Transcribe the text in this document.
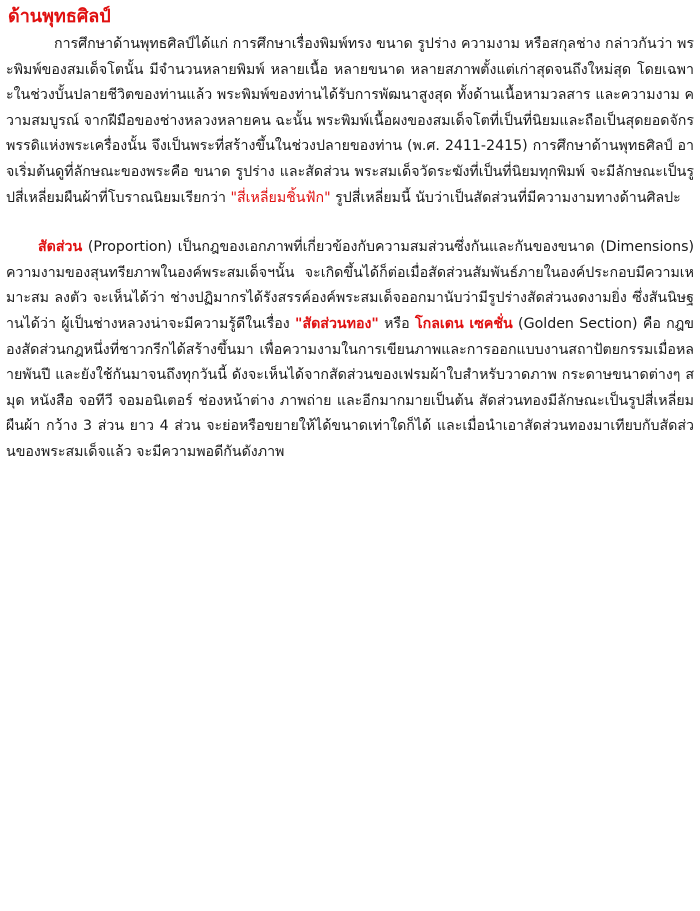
ด้านพุทธศิลป์

การศึกษาด้านพุทธศิลป์ได้แก่ การศึกษาเรื่องพิมพ์ทรง ขนาด รูปร่าง ความงาม หรือสกุลช่าง กล่าวกันว่า พระพิมพ์ของสมเด็จโตนั้น มีจำนวนหลายพิมพ์ หลายเนื้อ หลายขนาด หลายสภาพตั้งแต่เก่าสุดจนถึงใหม่สุด โดยเฉพาะในช่วงบั้นปลายชีวิตของท่านแล้ว พระพิมพ์ของท่านได้รับการพัฒนาสูงสุด ทั้งด้านเนื้อหามวลสาร และความงาม ความสมบูรณ์ จากฝีมือของช่างหลวงหลายคน ฉะนั้น พระพิมพ์เนื้อผงของสมเด็จโตที่เป็นที่นิยมและถือเป็นสุดยอดจักรพรรดิแห่งพระเครื่องนั้น จึงเป็นพระที่สร้างขึ้นในช่วงปลายของท่าน (พ.ศ. 2411-2415) การศึกษาด้านพุทธศิลป์ อาจเริ่มต้นดูที่ลักษณะของพระคือ ขนาด รูปร่าง และสัดส่วน พระสมเด็จวัดระฆังที่เป็นที่นิยมทุกพิมพ์ จะมีลักษณะเป็นรูปสี่เหลี่ยมผืนผ้าที่โบราณนิยมเรียกว่า "สี่เหลี่ยมชิ้นฟัก" รูปสี่เหลี่ยมนี้ นับว่าเป็นสัดส่วนที่มีความงามทางด้านศิลปะ

สัดส่วน (Proportion) เป็นกฎของเอกภาพที่เกี่ยวข้องกับความสมส่วนซึ่งกันและกันของขนาด (Dimensions) ความงามของสุนทรียภาพในองค์พระสมเด็จฯนั้น จะเกิดขึ้นได้ก็ต่อเมื่อสัดส่วนสัมพันธ์ภายในองค์ประกอบมีความเหมาะสม ลงตัว จะเห็นได้ว่า ช่างปฏิมากรได้รังสรรค์องค์พระสมเด็จออกมานับว่ามีรูปร่างสัดส่วนงดงามยิ่ง ซึ่งสันนิษฐานได้ว่า ผู้เป็นช่างหลวงน่าจะมีความรู้ดีในเรื่อง "สัดส่วนทอง" หรือ โกลเดน เซคชั่น (Golden Section) คือ กฎของสัดส่วนกฎหนึ่งที่ชาวกรีกได้สร้างขึ้นมา เพื่อความงามในการเขียนภาพและการออกแบบงานสถาปัตยกรรมเมื่อหลายพันปี และยังใช้กันมาจนถึงทุกวันนี้ ดังจะเห็นได้จากสัดส่วนของเฟรมผ้าใบสำหรับวาดภาพ กระดาษขนาดต่างๆ สมุด หนังสือ จอทีวี จอมอนิเตอร์ ช่องหน้าต่าง ภาพถ่าย และอีกมากมายเป็นต้น สัดส่วนทองมีลักษณะเป็นรูปสี่เหลี่ยมผืนผ้า กว้าง 3 ส่วน ยาว 4 ส่วน จะย่อหรือขยายให้ได้ขนาดเท่าใดก็ได้ และเมื่อนำเอาสัดส่วนทองมาเทียบกับสัดส่วนของพระสมเด็จแล้ว จะมีความพอดีกันดังภาพ
